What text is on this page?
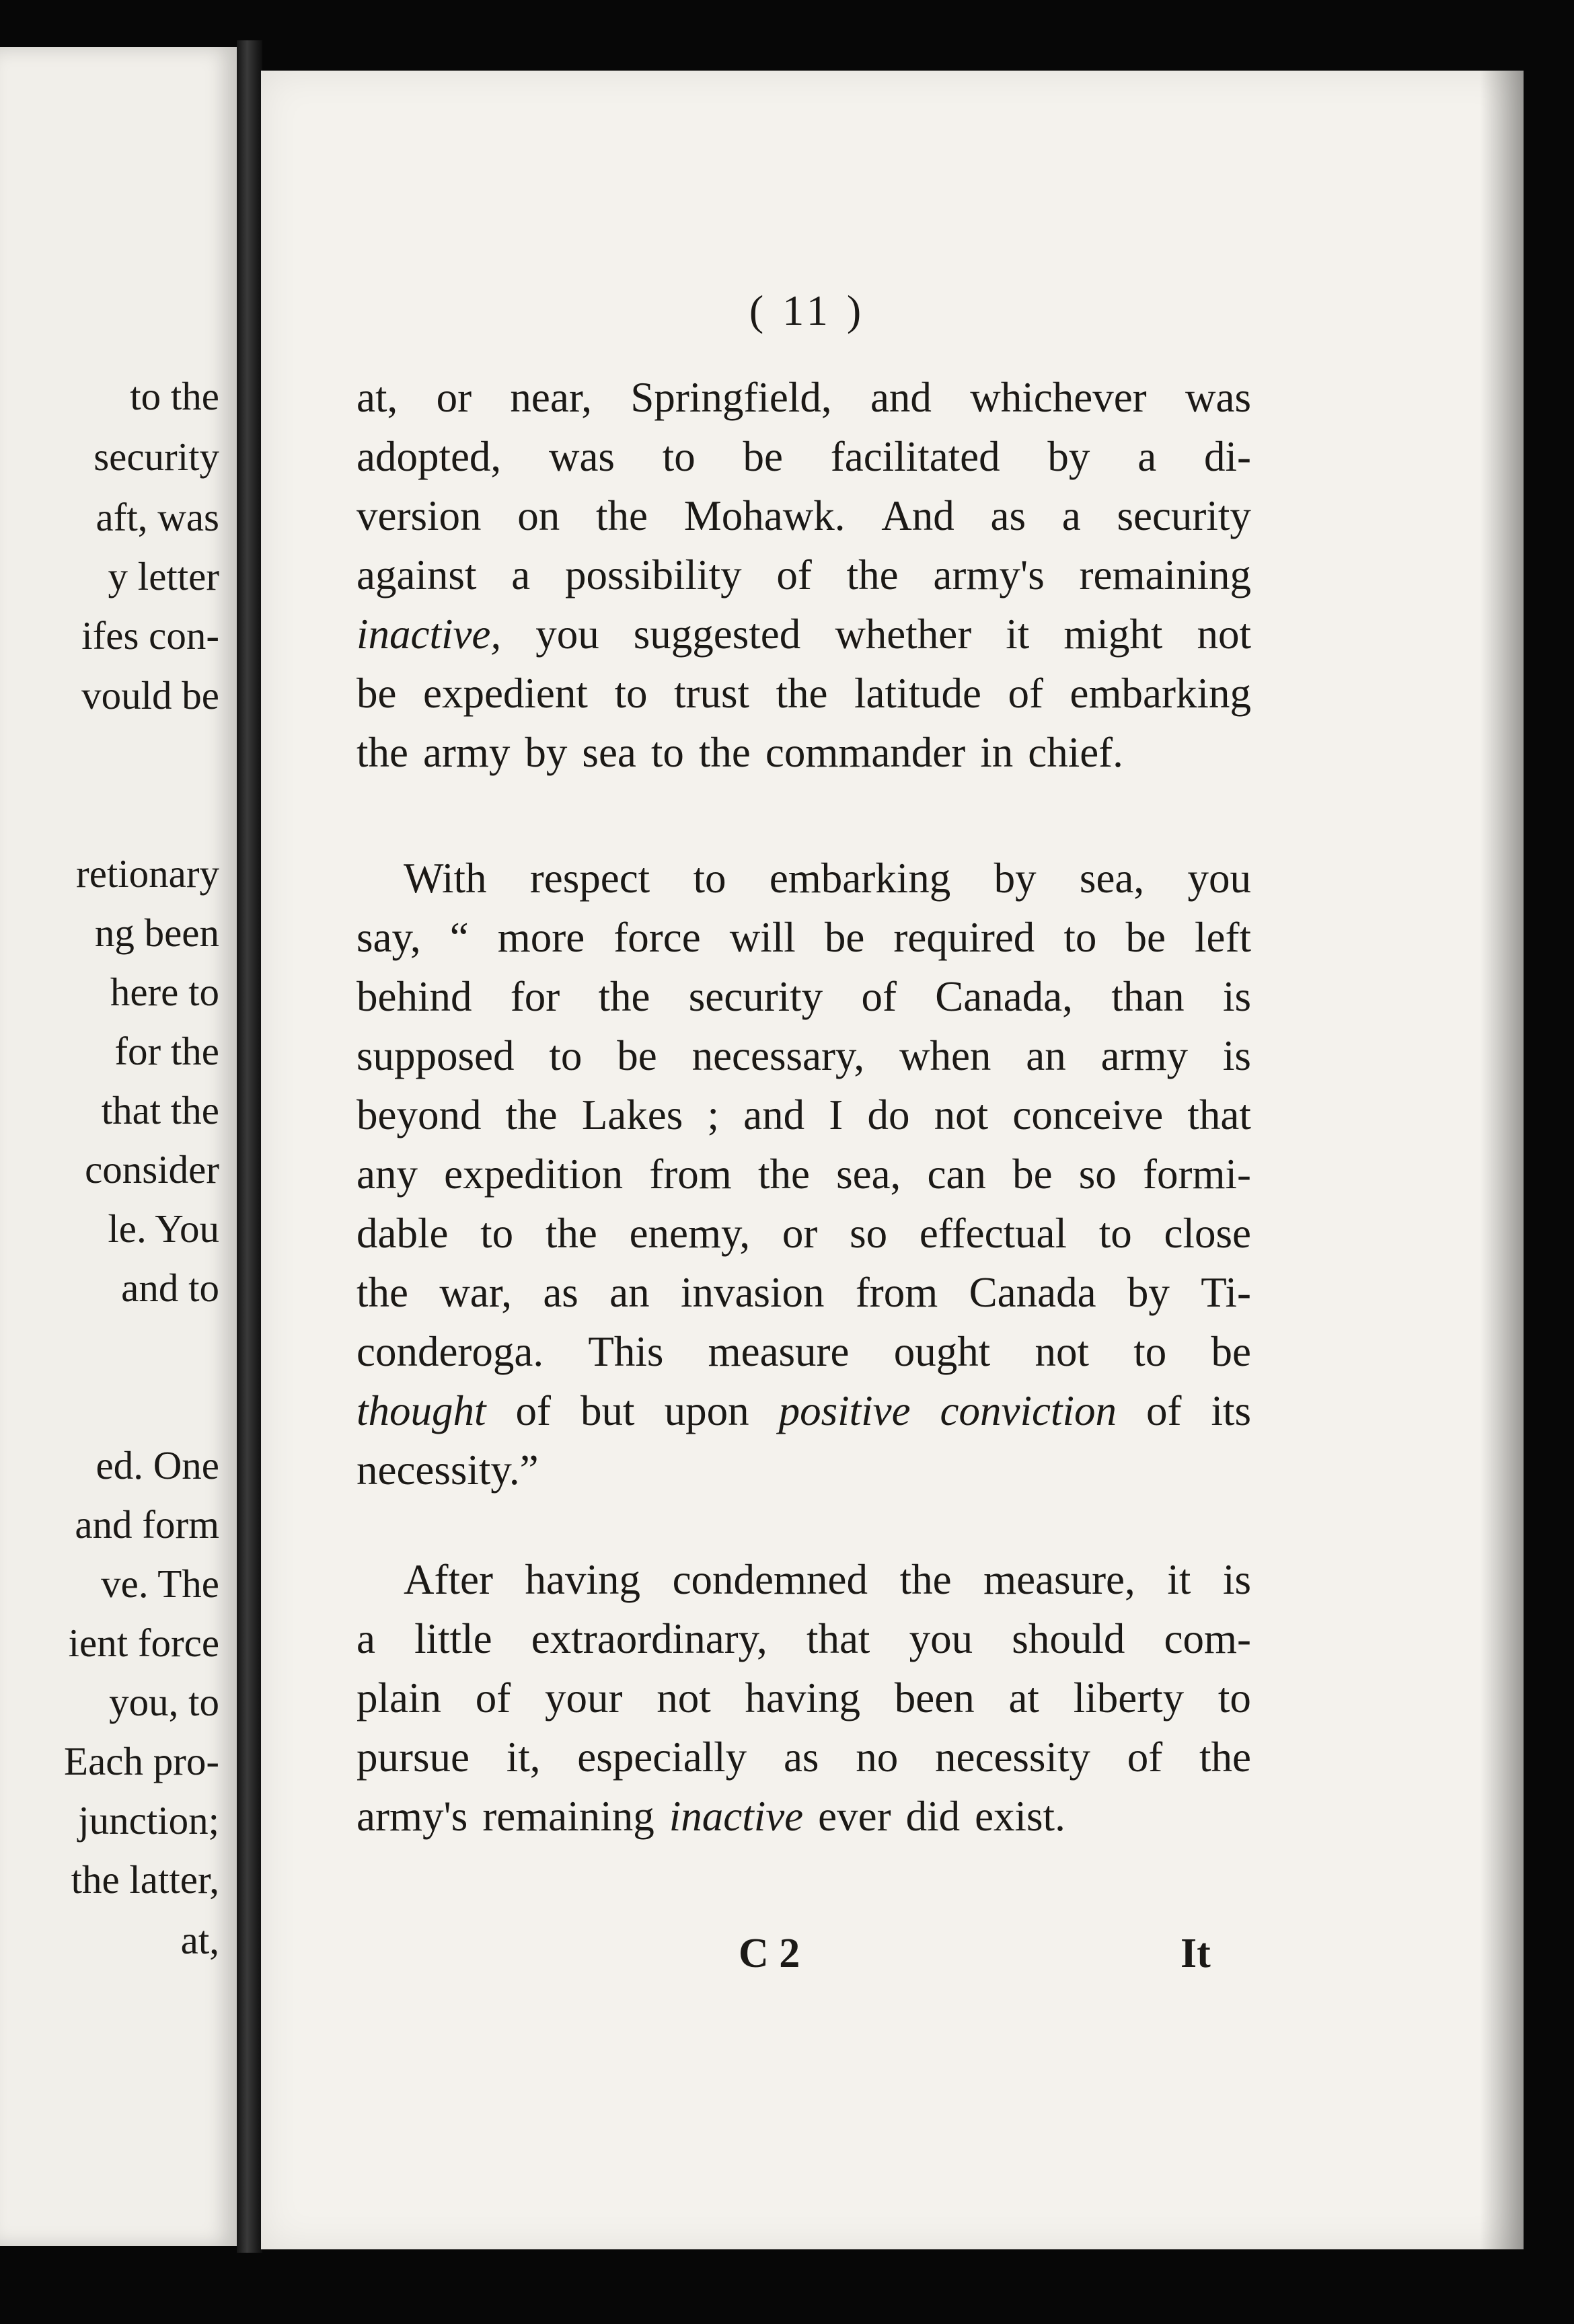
to the
security
aft, was
y letter
ifes con-
vould be
retionary
ng been
here to
for the
that the
consider
le. You
and to
ed. One
and form
ve. The
ient force
you, to
Each pro-
junction;
the latter,
at,
( 11 )
at, or near, Springfield, and whichever was
adopted, was to be facilitated by a di-
version on the Mohawk. And as a security
against a possibility of the army's remaining
inactive, you suggested whether it might not
be expedient to trust the latitude of embarking
the army by sea to the commander in chief.
With respect to embarking by sea, you
say, “ more force will be required to be left
behind for the security of Canada, than is
supposed to be necessary, when an army is
beyond the Lakes ; and I do not conceive that
any expedition from the sea, can be so formi-
dable to the enemy, or so effectual to close
the war, as an invasion from Canada by Ti-
conderoga. This measure ought not to be
thought of but upon positive conviction of its
necessity.”
After having condemned the measure, it is
a little extraordinary, that you should com-
plain of your not having been at liberty to
pursue it, especially as no necessity of the
army's remaining inactive ever did exist.
C 2	It
